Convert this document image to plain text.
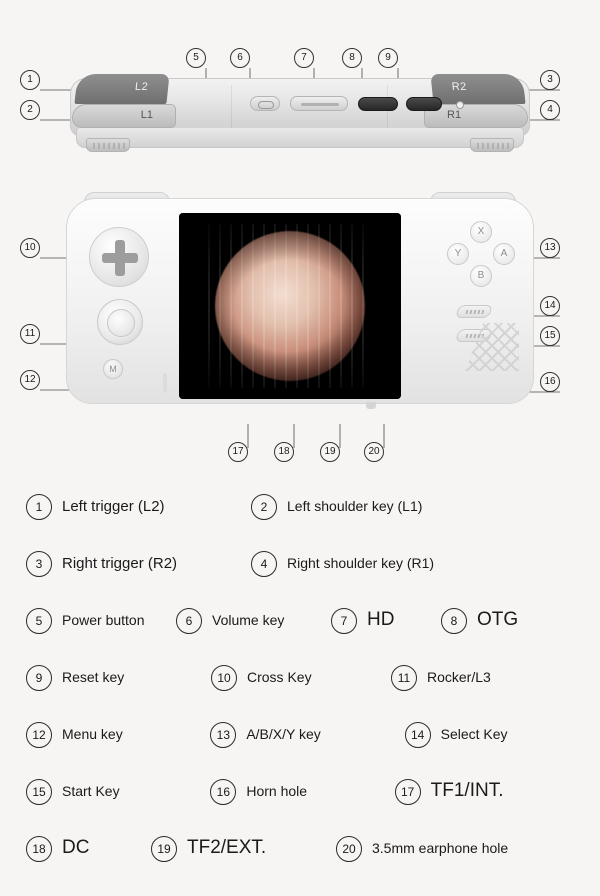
L2	R2
L1	R1
M
X
Y	A
B
1
2
3
4
5	6	7	8	9
10
11
12
13
14
15
16
17	18	19	20
1	Left trigger (L2)	2	Left shoulder key (L1)
3	Right trigger (R2)	4	Right shoulder key (R1)
5	Power button	6	Volume key	7	HD	8	OTG
9	Reset key	10	Cross Key	11	Rocker/L3
12	Menu key	13	A/B/X/Y key	14	Select Key
15	Start Key	16	Horn hole	17 TF1/INT.
18 DC	19 TF2/EXT.	20	3.5mm earphone hole
